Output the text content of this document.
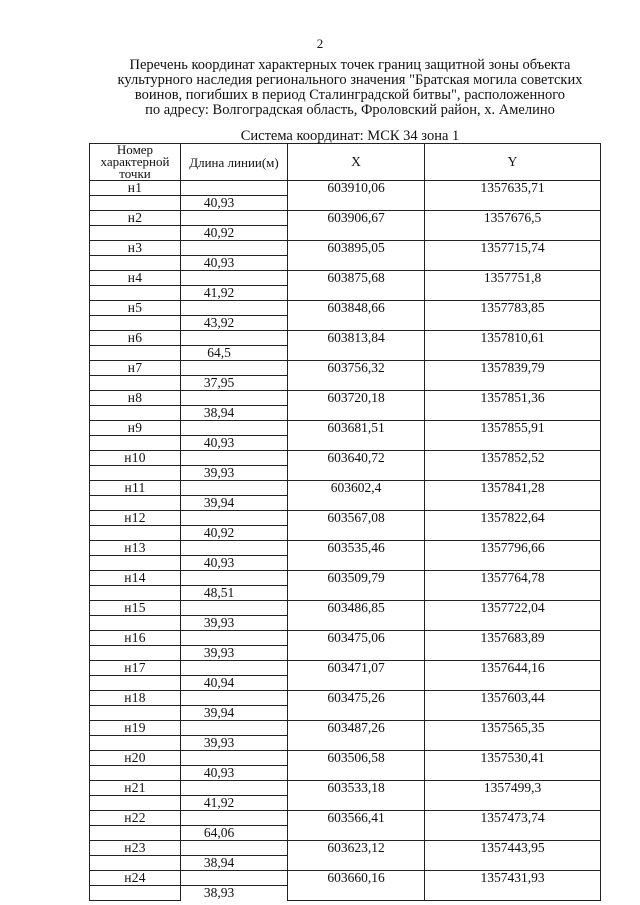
2
Перечень координат характерных точек границ защитной зоны объекта
культурного наследия регионального значения "Братская могила советских
воинов, погибших в период Сталинградской битвы", расположенного
по адресу: Волгоградская область, Фроловский район, х. Амелино
Система координат: МСК 34 зона 1
Номер характерной точки	Длина линии(м)	X	Y
н1		603910,06	1357635,71
	40,93		
н2		603906,67	1357676,5
	40,92		
н3		603895,05	1357715,74
	40,93		
н4		603875,68	1357751,8
	41,92		
н5		603848,66	1357783,85
	43,92		
н6		603813,84	1357810,61
	64,5		
н7		603756,32	1357839,79
	37,95		
н8		603720,18	1357851,36
	38,94		
н9		603681,51	1357855,91
	40,93		
н10		603640,72	1357852,52
	39,93		
н11		603602,4	1357841,28
	39,94		
н12		603567,08	1357822,64
	40,92		
н13		603535,46	1357796,66
	40,93		
н14		603509,79	1357764,78
	48,51		
н15		603486,85	1357722,04
	39,93		
н16		603475,06	1357683,89
	39,93		
н17		603471,07	1357644,16
	40,94		
н18		603475,26	1357603,44
	39,94		
н19		603487,26	1357565,35
	39,93		
н20		603506,58	1357530,41
	40,93		
н21		603533,18	1357499,3
	41,92		
н22		603566,41	1357473,74
	64,06		
н23		603623,12	1357443,95
	38,94		
н24		603660,16	1357431,93
	38,93		
